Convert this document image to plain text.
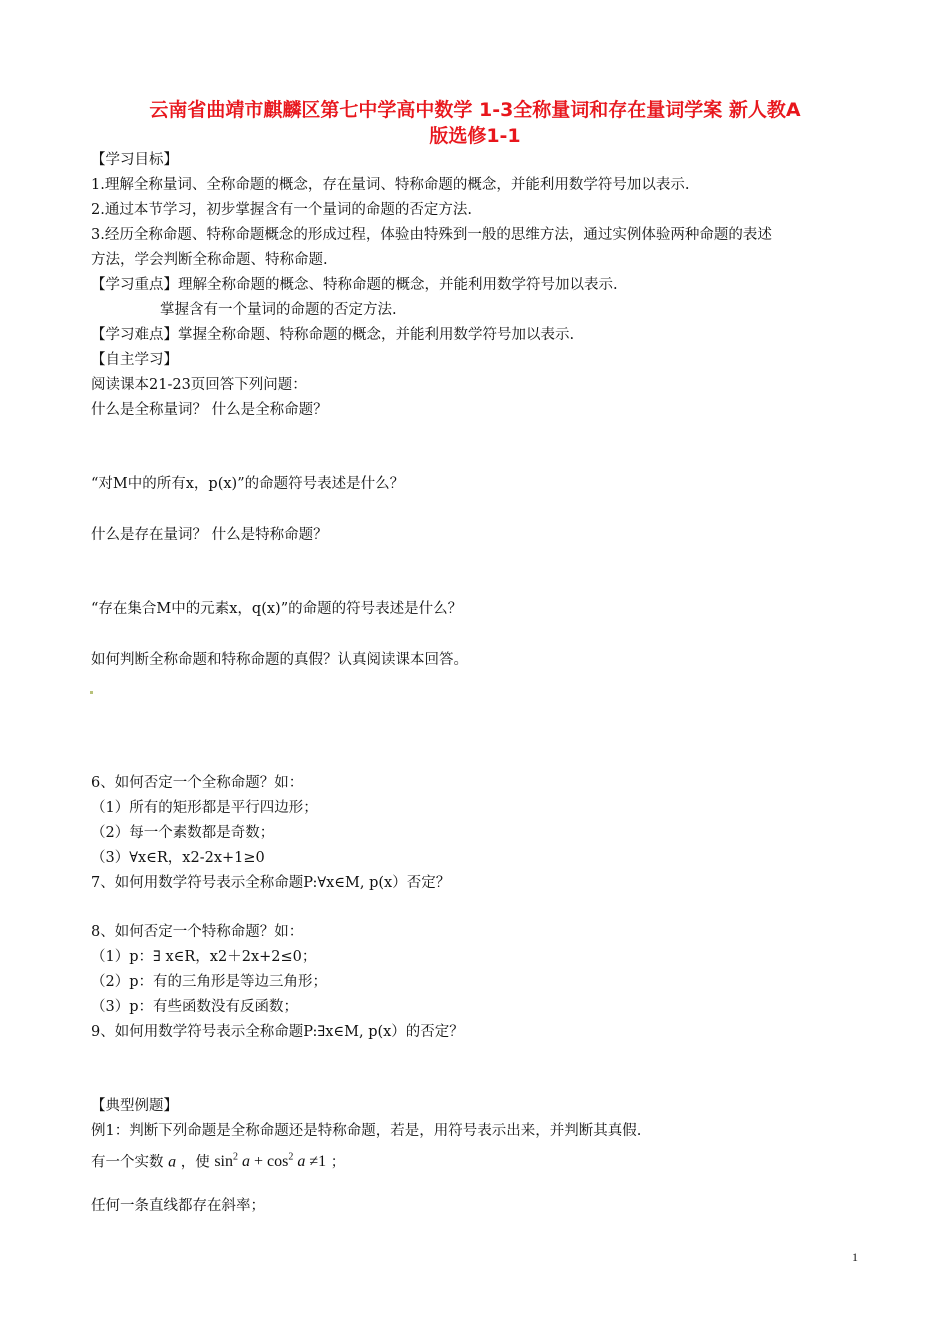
云南省曲靖市麒麟区第七中学高中数学 1-3全称量词和存在量词学案 新人教A
版选修1-1
【学习目标】
1.理解全称量词、全称命题的概念，存在量词、特称命题的概念，并能利用数学符号加以表示.
2.通过本节学习，初步掌握含有一个量词的命题的否定方法.
3.经历全称命题、特称命题概念的形成过程，体验由特殊到一般的思维方法，通过实例体验两种命题的表述
方法，学会判断全称命题、特称命题.
【学习重点】理解全称命题的概念、特称命题的概念，并能利用数学符号加以表示.
掌握含有一个量词的命题的否定方法.
【学习难点】掌握全称命题、特称命题的概念，并能利用数学符号加以表示.
【自主学习】
阅读课本21-23页回答下列问题：
什么是全称量词？ 什么是全称命题？
“对M中的所有x，p(x)”的命题符号表述是什么？
什么是存在量词？ 什么是特称命题？
“存在集合M中的元素x，q(x)”的命题的符号表述是什么？
如何判断全称命题和特称命题的真假？认真阅读课本回答。
6、如何否定一个全称命题？如：
（1）所有的矩形都是平行四边形；
（2）每一个素数都是奇数；
（3）∀x∈R，x2-2x+1≥0
7、如何用数学符号表示全称命题P:∀x∈M, p(x）否定？
8、如何否定一个特称命题？如：
（1）p：∃ x∈R，x2＋2x+2≤0；
（2）p：有的三角形是等边三角形；
（3）p：有些函数没有反函数；
9、如何用数学符号表示全称命题P:∃x∈M, p(x）的否定？
【典型例题】
例1：判断下列命题是全称命题还是特称命题，若是，用符号表示出来，并判断其真假.
有一个实数 a ，使 $\sin^2 a + \cos^2 a \ne 1$ ；
任何一条直线都存在斜率；
1
